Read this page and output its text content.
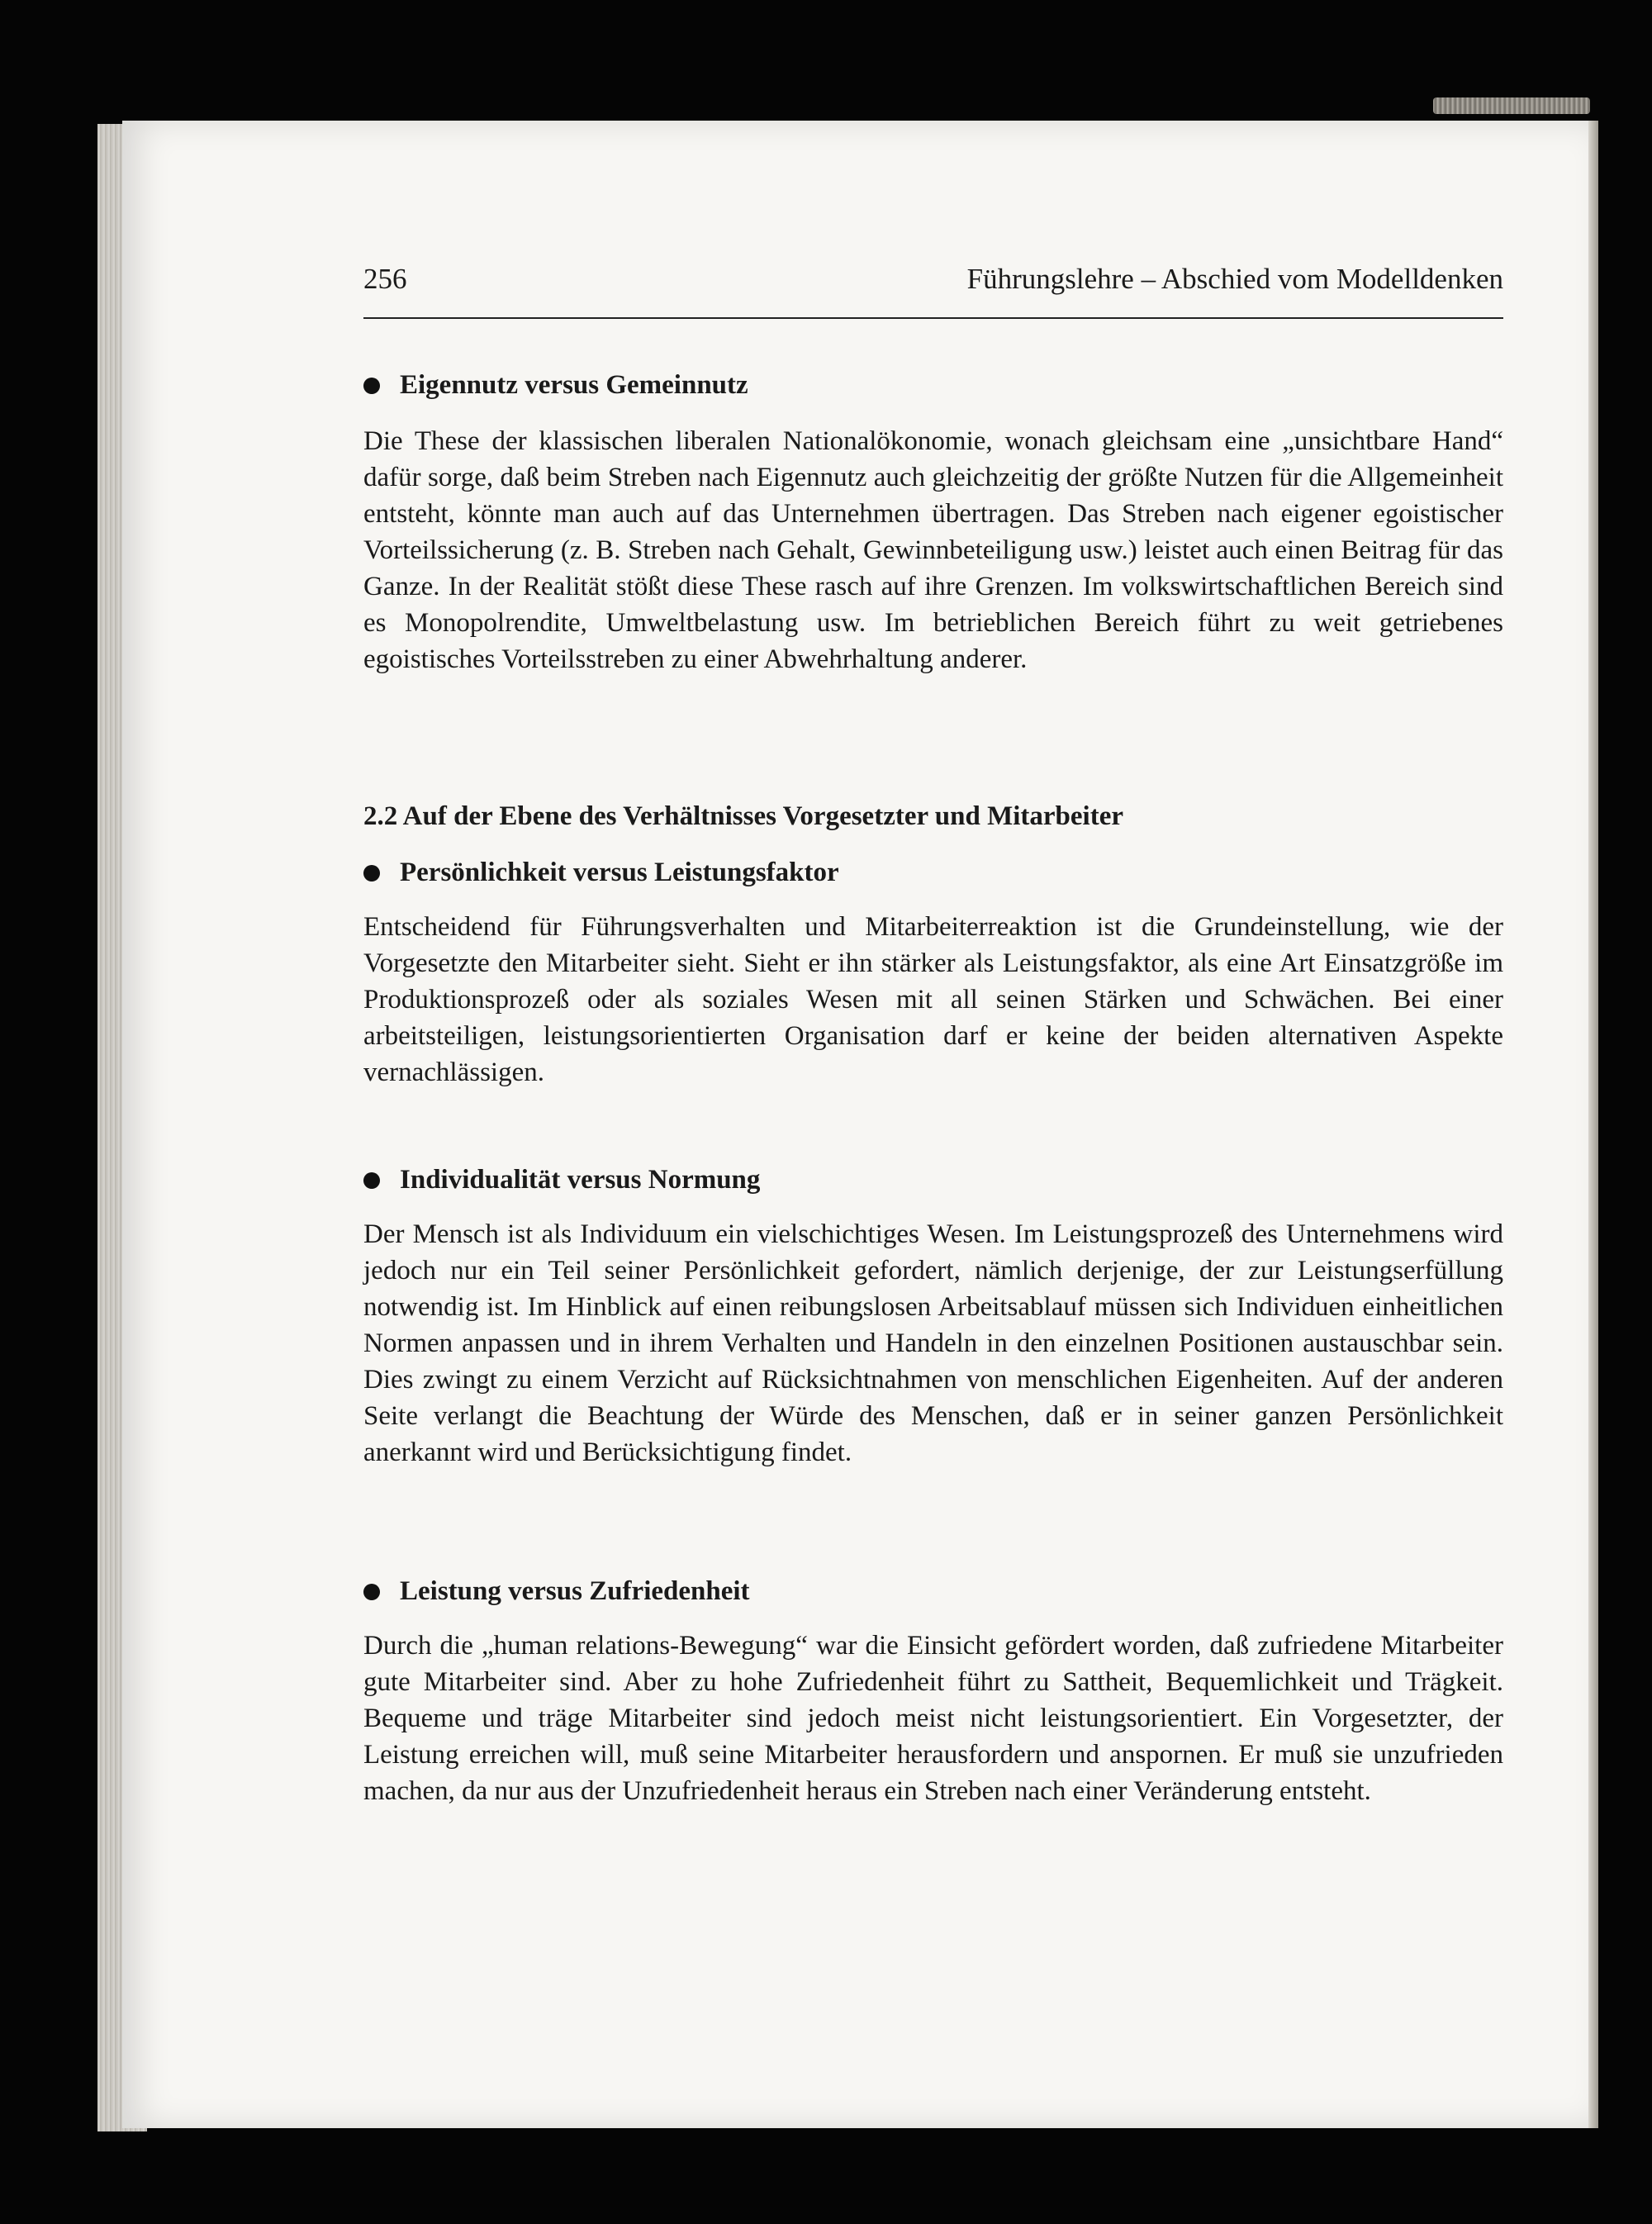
256	Führungslehre – Abschied vom Modelldenken
Eigennutz versus Gemeinnutz

Die These der klassischen liberalen Nationalökonomie, wonach gleichsam eine „unsichtbare Hand“ dafür sorge, daß beim Streben nach Eigennutz auch gleichzeitig der größte Nutzen für die Allgemeinheit entsteht, könnte man auch auf das Unternehmen übertragen. Das Streben nach eigener egoistischer Vorteilssicherung (z. B. Streben nach Gehalt, Gewinnbeteiligung usw.) leistet auch einen Beitrag für das Ganze. In der Realität stößt diese These rasch auf ihre Grenzen. Im volkswirtschaftlichen Bereich sind es Monopolrendite, Umweltbelastung usw. Im betrieblichen Bereich führt zu weit getriebenes egoistisches Vorteilsstreben zu einer Abwehrhaltung anderer.

2.2 Auf der Ebene des Verhältnisses Vorgesetzter und Mitarbeiter
Persönlichkeit versus Leistungsfaktor

Entscheidend für Führungsverhalten und Mitarbeiterreaktion ist die Grundeinstellung, wie der Vorgesetzte den Mitarbeiter sieht. Sieht er ihn stärker als Leistungsfaktor, als eine Art Einsatzgröße im Produktionsprozeß oder als soziales Wesen mit all seinen Stärken und Schwächen. Bei einer arbeitsteiligen, leistungsorientierten Organisation darf er keine der beiden alternativen Aspekte vernachlässigen.

Individualität versus Normung

Der Mensch ist als Individuum ein vielschichtiges Wesen. Im Leistungsprozeß des Unternehmens wird jedoch nur ein Teil seiner Persönlichkeit gefordert, nämlich derjenige, der zur Leistungserfüllung notwendig ist. Im Hinblick auf einen reibungslosen Arbeitsablauf müssen sich Individuen einheitlichen Normen anpassen und in ihrem Verhalten und Handeln in den einzelnen Positionen austauschbar sein. Dies zwingt zu einem Verzicht auf Rücksichtnahmen von menschlichen Eigenheiten. Auf der anderen Seite verlangt die Beachtung der Würde des Menschen, daß er in seiner ganzen Persönlichkeit anerkannt wird und Berücksichtigung findet.

Leistung versus Zufriedenheit

Durch die „human relations-Bewegung“ war die Einsicht gefördert worden, daß zufriedene Mitarbeiter gute Mitarbeiter sind. Aber zu hohe Zufriedenheit führt zu Sattheit, Bequemlichkeit und Trägkeit. Bequeme und träge Mitarbeiter sind jedoch meist nicht leistungsorientiert. Ein Vorgesetzter, der Leistung erreichen will, muß seine Mitarbeiter herausfordern und anspornen. Er muß sie unzufrieden machen, da nur aus der Unzufriedenheit heraus ein Streben nach einer Veränderung entsteht.
